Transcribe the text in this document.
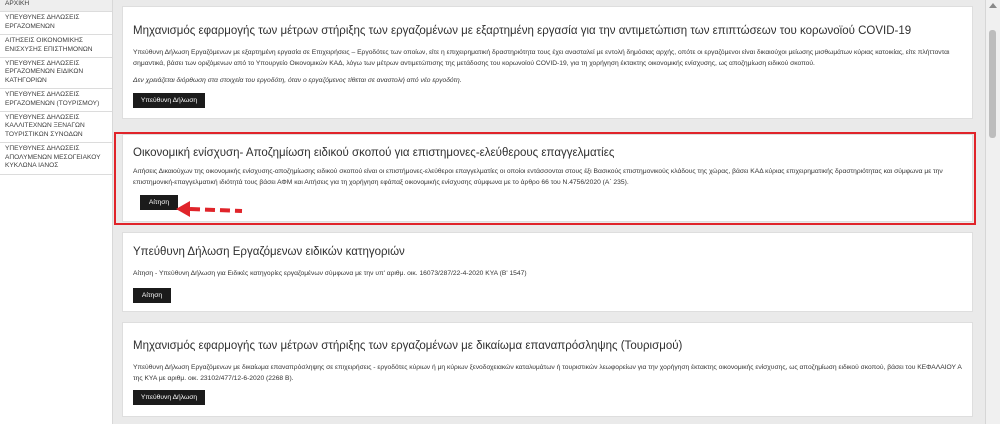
ΑΡΧΙΚΗ
ΥΠΕΥΘΥΝΕΣ ΔΗΛΩΣΕΙΣ ΕΡΓΑΖΟΜΕΝΩΝ
ΑΙΤΗΣΕΙΣ ΟΙΚΟΝΟΜΙΚΗΣ ΕΝΙΣΧΥΣΗΣ ΕΠΙΣΤΗΜΟΝΩΝ
ΥΠΕΥΘΥΝΕΣ ΔΗΛΩΣΕΙΣ ΕΡΓΑΖΟΜΕΝΩΝ ΕΙΔΙΚΩΝ ΚΑΤΗΓΟΡΙΩΝ
ΥΠΕΥΘΥΝΕΣ ΔΗΛΩΣΕΙΣ ΕΡΓΑΖΟΜΕΝΩΝ (ΤΟΥΡΙΣΜΟΥ)
ΥΠΕΥΘΥΝΕΣ ΔΗΛΩΣΕΙΣ ΚΑΛΛΙΤΕΧΝΩΝ ΞΕΝΑΓΩΝ ΤΟΥΡΙΣΤΙΚΩΝ ΣΥΝΟΔΩΝ
ΥΠΕΥΘΥΝΕΣ ΔΗΛΩΣΕΙΣ ΑΠΟΛΥΜΕΝΩΝ ΜΕΣΟΓΕΙΑΚΟΥ ΚΥΚΛΩΝΑ ΙΑΝΟΣ
Μηχανισμός εφαρμογής των μέτρων στήριξης των εργαζομένων με εξαρτημένη εργασία για την αντιμετώπιση των επιπτώσεων του κορωνοϊού COVID-19

Υπεύθυνη Δήλωση Εργαζόμενων με εξαρτημένη εργασία σε Επιχειρήσεις – Εργοδότες των οποίων, είτε η επιχειρηματική δραστηριότητα τους έχει ανασταλεί με εντολή δημόσιας αρχής, οπότε οι εργαζόμενοι είναι δικαιούχοι μείωσης μισθωμάτων κύριας κατοικίας, είτε πλήττονται σημαντικά, βάσει των οριζόμενων από το Υπουργείο Οικονομικών ΚΑΔ, λόγω των μέτρων αντιμετώπισης της μετάδοσης του κορωνοϊού COVID-19, για τη χορήγηση έκτακτης οικονομικής ενίσχυσης, ως αποζημίωση ειδικού σκοπού.

Δεν χρειάζεται διόρθωση στα στοιχεία του εργοδότη, όταν ο εργαζόμενος τίθεται σε αναστολή από νέο εργοδότη.

Υπεύθυνη Δήλωση
Οικονομική ενίσχυση- Αποζημίωση ειδικού σκοπού για επιστημονες-ελεύθερους επαγγελματίες

Αιτήσεις Δικαιούχων της οικονομικής ενίσχυσης-αποζημίωσης ειδικού σκοπού είναι οι επιστήμονες-ελεύθεροι επαγγελματίες οι οποίοι εντάσσονται στους έξι Βασικούς επιστημονικούς κλάδους της χώρας, βάσει ΚΑΔ κύριας επιχειρηματικής δραστηριότητας και σύμφωνα με την επιστημονική-επαγγελματική ιδιότητά τους βάσει ΑΦΜ και Αιτήσεις για τη χορήγηση εφάπαξ οικονομικής ενίσχυσης σύμφωνα με το άρθρο 66 του Ν.4756/2020 (Α΄ 235).

Αίτηση
Υπεύθυνη Δήλωση Εργαζόμενων ειδικών κατηγοριών

Αίτηση - Υπεύθυνη Δήλωση για Ειδικές κατηγορίες εργαζομένων σύμφωνα με την υπ' αριθμ. οικ. 16073/287/22-4-2020 ΚΥΑ (Β' 1547)

Αίτηση
Μηχανισμός εφαρμογής των μέτρων στήριξης των εργαζομένων με δικαίωμα επαναπρόσληψης (Τουρισμού)

Υπεύθυνη Δήλωση Εργαζόμενων με δικαίωμα επαναπρόσληψης σε επιχειρήσεις - εργοδότες κύριων ή μη κύριων ξενοδοχειακών καταλυμάτων ή τουριστικών λεωφορείων για την χορήγηση έκτακτης οικονομικής ενίσχυσης, ως αποζημίωση ειδικού σκοπού, βάσει του ΚΕΦΑΛΑΙΟΥ Α της ΚΥΑ με αριθμ. οικ. 23102/477/12-6-2020 (2268 Β).

Υπεύθυνη Δήλωση
